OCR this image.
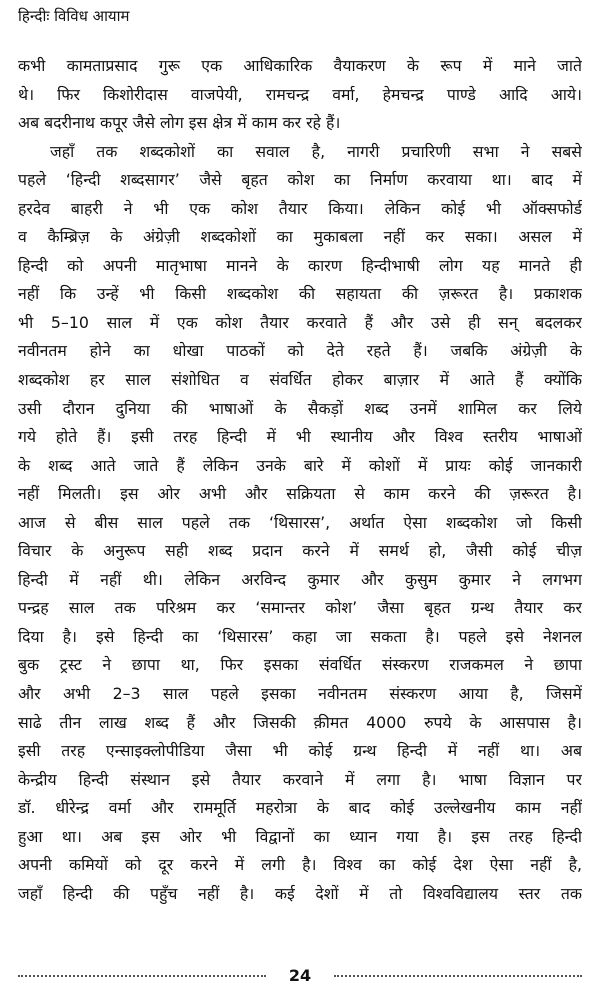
हिन्दीः विविध आयाम
कभी कामताप्रसाद गुरू एक आधिकारिक वैयाकरण के रूप में माने जाते
थे। फिर किशोरीदास वाजपेयी, रामचन्द्र वर्मा, हेमचन्द्र पाण्डे आदि आये।
अब बदरीनाथ कपूर जैसे लोग इस क्षेत्र में काम कर रहे हैं।
जहाँ तक शब्दकोशों का सवाल है, नागरी प्रचारिणी सभा ने सबसे
पहले ‘हिन्दी शब्दसागर’ जैसे बृहत कोश का निर्माण करवाया था। बाद में
हरदेव बाहरी ने भी एक कोश तैयार किया। लेकिन कोई भी ऑक्सफोर्ड
व कैम्ब्रिज़ के अंग्रेज़ी शब्दकोशों का मुकाबला नहीं कर सका। असल में
हिन्दी को अपनी मातृभाषा मानने के कारण हिन्दीभाषी लोग यह मानते ही
नहीं कि उन्हें भी किसी शब्दकोश की सहायता की ज़रूरत है। प्रकाशक
भी 5–10 साल में एक कोश तैयार करवाते हैं और उसे ही सन् बदलकर
नवीनतम होने का धोखा पाठकों को देते रहते हैं। जबकि अंग्रेज़ी के
शब्दकोश हर साल संशोधित व संवर्धित होकर बाज़ार में आते हैं क्योंकि
उसी दौरान दुनिया की भाषाओं के सैकड़ों शब्द उनमें शामिल कर लिये
गये होते हैं। इसी तरह हिन्दी में भी स्थानीय और विश्व स्तरीय भाषाओं
के शब्द आते जाते हैं लेकिन उनके बारे में कोशों में प्रायः कोई जानकारी
नहीं मिलती। इस ओर अभी और सक्रियता से काम करने की ज़रूरत है।
आज से बीस साल पहले तक ‘थिसारस’, अर्थात ऐसा शब्दकोश जो किसी
विचार के अनुरूप सही शब्द प्रदान करने में समर्थ हो, जैसी कोई चीज़
हिन्दी में नहीं थी। लेकिन अरविन्द कुमार और कुसुम कुमार ने लगभग
पन्द्रह साल तक परिश्रम कर ‘समान्तर कोश’ जैसा बृहत ग्रन्थ तैयार कर
दिया है। इसे हिन्दी का ‘थिसारस’ कहा जा सकता है। पहले इसे नेशनल
बुक ट्रस्ट ने छापा था, फिर इसका संवर्धित संस्करण राजकमल ने छापा
और अभी 2–3 साल पहले इसका नवीनतम संस्करण आया है, जिसमें
साढे तीन लाख शब्द हैं और जिसकी क़ीमत 4000 रुपये के आसपास है।
इसी तरह एन्साइक्लोपीडिया जैसा भी कोई ग्रन्थ हिन्दी में नहीं था। अब
केन्द्रीय हिन्दी संस्थान इसे तैयार करवाने में लगा है। भाषा विज्ञान पर
डॉ. धीरेन्द्र वर्मा और राममूर्ति महरोत्रा के बाद कोई उल्लेखनीय काम नहीं
हुआ था। अब इस ओर भी विद्वानों का ध्यान गया है। इस तरह हिन्दी
अपनी कमियों को दूर करने में लगी है। विश्व का कोई देश ऐसा नहीं है,
जहाँ हिन्दी की पहुँच नहीं है। कई देशों में तो विश्वविद्यालय स्तर तक
24
